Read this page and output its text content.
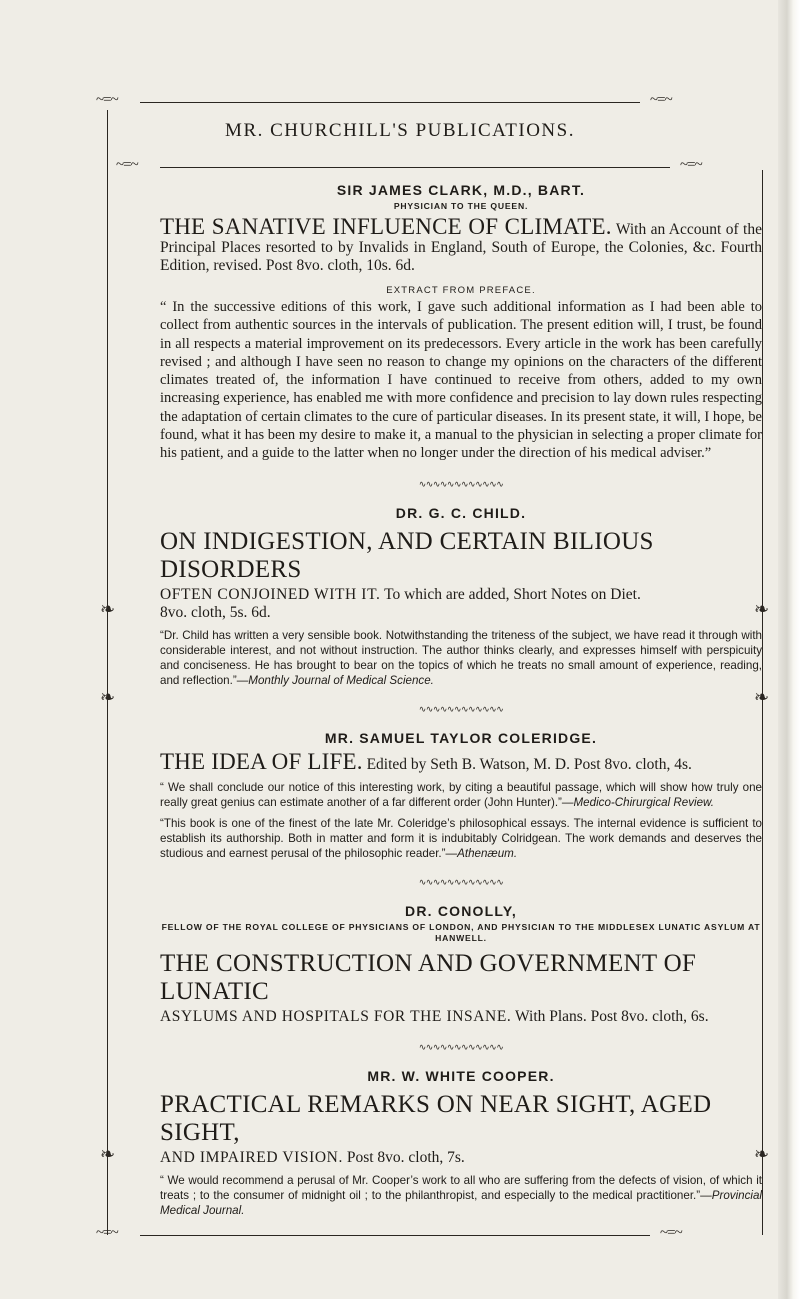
~=~	~=~
MR. CHURCHILL'S PUBLICATIONS.
~=~	~=~
❧
❧
❧
❧
❧
❧

SIR JAMES CLARK, M.D., BART.

PHYSICIAN TO THE QUEEN.

THE SANATIVE INFLUENCE OF CLIMATE. With an Account of the Principal Places resorted to by Invalids in England, South of Europe, the Colonies, &c. Fourth Edition, revised. Post 8vo. cloth, 10s. 6d.

EXTRACT FROM PREFACE.

“ In the successive editions of this work, I gave such additional information as I had been able to collect from authentic sources in the intervals of publication. The present edition will, I trust, be found in all respects a material improvement on its predecessors. Every article in the work has been carefully revised ; and although I have seen no reason to change my opinions on the characters of the different climates treated of, the information I have continued to receive from others, added to my own increasing experience, has enabled me with more confidence and precision to lay down rules respecting the adaptation of certain climates to the cure of particular diseases. In its present state, it will, I hope, be found, what it has been my desire to make it, a manual to the physician in selecting a proper climate for his patient, and a guide to the latter when no longer under the direction of his medical adviser.”

∿∿∿∿∿∿∿∿∿∿∿∿

DR. G. C. CHILD.

ON INDIGESTION, AND CERTAIN BILIOUS DISORDERS

OFTEN CONJOINED WITH IT. To which are added, Short Notes on Diet.

8vo. cloth, 5s. 6d.

“Dr. Child has written a very sensible book. Notwithstanding the triteness of the subject, we have read it through with considerable interest, and not without instruction. The author thinks clearly, and expresses himself with perspicuity and conciseness. He has brought to bear on the topics of which he treats no small amount of experience, reading, and reflection.”—Monthly Journal of Medical Science.

∿∿∿∿∿∿∿∿∿∿∿∿

MR. SAMUEL TAYLOR COLERIDGE.

THE IDEA OF LIFE. Edited by Seth B. Watson, M. D. Post 8vo. cloth, 4s.

“ We shall conclude our notice of this interesting work, by citing a beautiful passage, which will show how truly one really great genius can estimate another of a far different order (John Hunter).”—Medico-Chirurgical Review.

“This book is one of the finest of the late Mr. Coleridge’s philosophical essays. The internal evidence is sufficient to establish its authorship. Both in matter and form it is indubitably Colridgean. The work demands and deserves the studious and earnest perusal of the philosophic reader.”—Athenæum.

∿∿∿∿∿∿∿∿∿∿∿∿

DR. CONOLLY,

FELLOW OF THE ROYAL COLLEGE OF PHYSICIANS OF LONDON, AND PHYSICIAN TO THE MIDDLESEX LUNATIC ASYLUM AT HANWELL.

THE CONSTRUCTION AND GOVERNMENT OF LUNATIC

ASYLUMS AND HOSPITALS FOR THE INSANE. With Plans. Post 8vo. cloth, 6s.

∿∿∿∿∿∿∿∿∿∿∿∿

MR. W. WHITE COOPER.

PRACTICAL REMARKS ON NEAR SIGHT, AGED SIGHT,

AND IMPAIRED VISION. Post 8vo. cloth, 7s.

“ We would recommend a perusal of Mr. Cooper’s work to all who are suffering from the defects of vision, of which it treats ; to the consumer of midnight oil ; to the philanthropist, and especially to the medical practitioner.”—Provincial Medical Journal.

~=~	~=~
